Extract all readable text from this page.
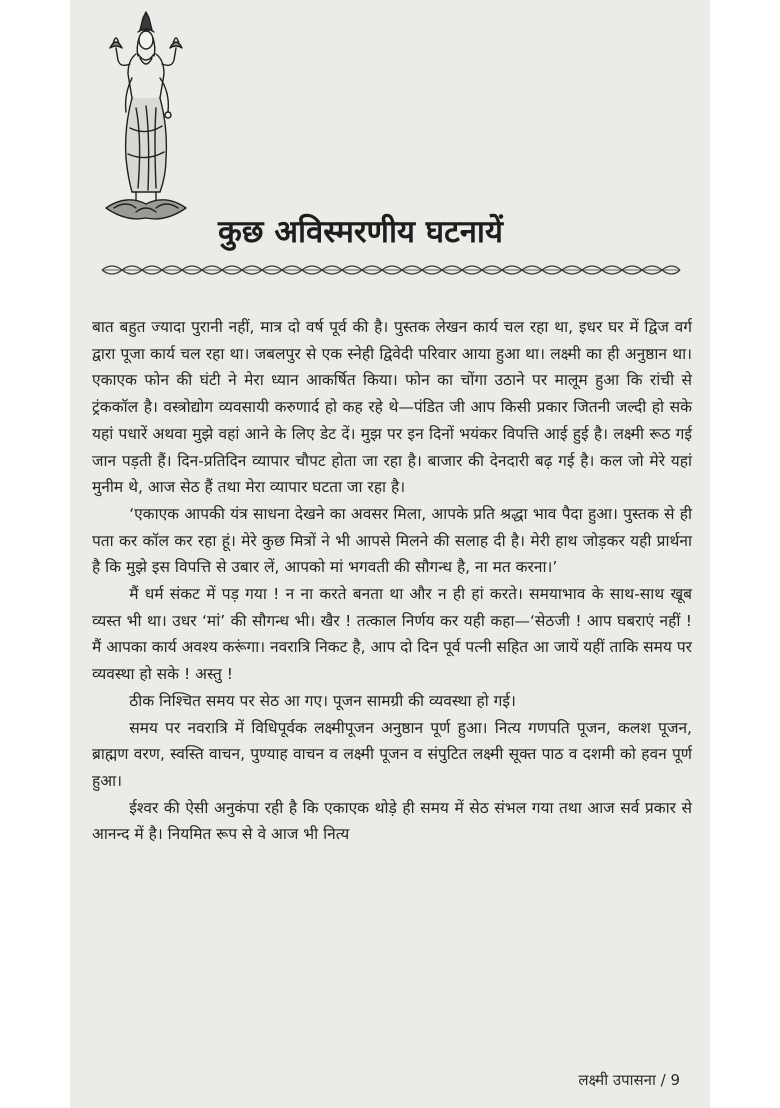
कुछ अविस्मरणीय घटनायें

बात बहुत ज्यादा पुरानी नहीं, मात्र दो वर्ष पूर्व की है। पुस्तक लेखन कार्य चल रहा था, इधर घर में द्विज वर्ग द्वारा पूजा कार्य चल रहा था। जबलपुर से एक स्नेही द्विवेदी परिवार आया हुआ था। लक्ष्मी का ही अनुष्ठान था। एकाएक फोन की घंटी ने मेरा ध्यान आकर्षित किया। फोन का चोंगा उठाने पर मालूम हुआ कि रांची से ट्रंककॉल है। वस्त्रोद्योग व्यवसायी करुणार्द हो कह रहे थे—पंडित जी आप किसी प्रकार जितनी जल्दी हो सके यहां पधारें अथवा मुझे वहां आने के लिए डेट दें। मुझ पर इन दिनों भयंकर विपत्ति आई हुई है। लक्ष्मी रूठ गई जान पड़ती हैं। दिन-प्रतिदिन व्यापार चौपट होता जा रहा है। बाजार की देनदारी बढ़ गई है। कल जो मेरे यहां मुनीम थे, आज सेठ हैं तथा मेरा व्यापार घटता जा रहा है।

‘एकाएक आपकी यंत्र साधना देखने का अवसर मिला, आपके प्रति श्रद्धा भाव पैदा हुआ। पुस्तक से ही पता कर कॉल कर रहा हूं। मेरे कुछ मित्रों ने भी आपसे मिलने की सलाह दी है। मेरी हाथ जोड़कर यही प्रार्थना है कि मुझे इस विपत्ति से उबार लें, आपको मां भगवती की सौगन्ध है, ना मत करना।’

मैं धर्म संकट में पड़ गया ! न ना करते बनता था और न ही हां करते। समयाभाव के साथ-साथ खूब व्यस्त भी था। उधर ‘मां’ की सौगन्ध भी। खैर ! तत्काल निर्णय कर यही कहा—‘सेठजी ! आप घबराएं नहीं ! मैं आपका कार्य अवश्य करूंगा। नवरात्रि निकट है, आप दो दिन पूर्व पत्नी सहित आ जायें यहीं ताकि समय पर व्यवस्था हो सके ! अस्तु !

ठीक निश्चित समय पर सेठ आ गए। पूजन सामग्री की व्यवस्था हो गई।

समय पर नवरात्रि में विधिपूर्वक लक्ष्मीपूजन अनुष्ठान पूर्ण हुआ। नित्य गणपति पूजन, कलश पूजन, ब्राह्मण वरण, स्वस्ति वाचन, पुण्याह वाचन व लक्ष्मी पूजन व संपुटित लक्ष्मी सूक्त पाठ व दशमी को हवन पूर्ण हुआ।

ईश्वर की ऐसी अनुकंपा रही है कि एकाएक थोड़े ही समय में सेठ संभल गया तथा आज सर्व प्रकार से आनन्द में है। नियमित रूप से वे आज भी नित्य

लक्ष्मी उपासना / 9
